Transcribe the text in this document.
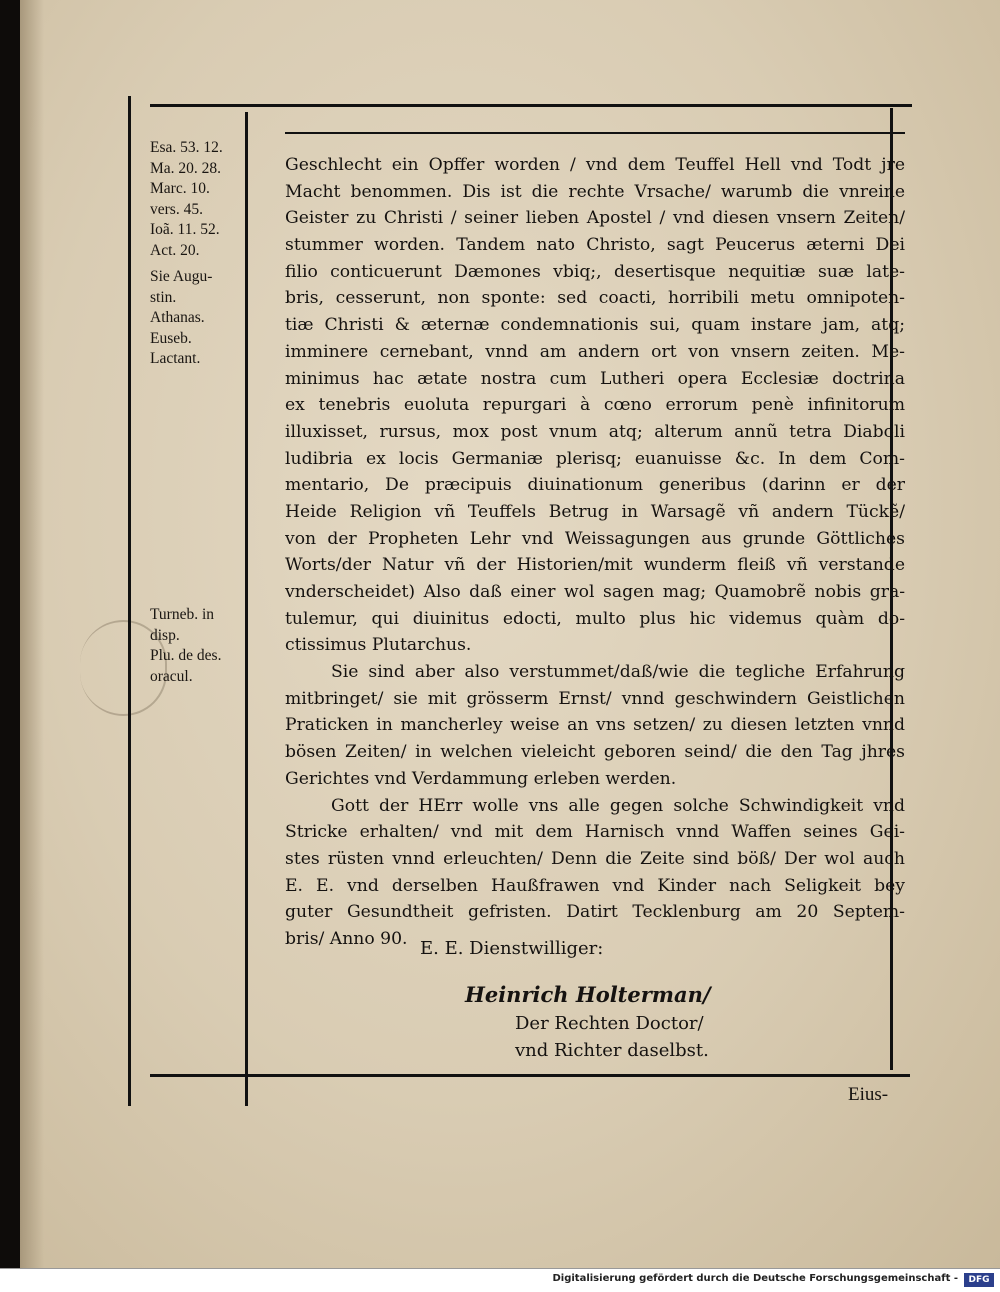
Esa. 53. 12.
Ma. 20. 28.
Marc. 10.
vers. 45.
Ioã. 11. 52.
Act. 20.
Sie Augu-
stin.
Athanas.
Euseb.
Lactant.
Turneb. in
disp.
Plu. de des.
oracul.
Geschlecht ein Opffer worden / vnd dem Teuffel Hell vnd Todt jre
Macht benommen. Dis ist die rechte Vrsache/ warumb die vnreine
Geister zu Christi / seiner lieben Apostel / vnd diesen vnsern Zeiten/
stummer worden. Tandem nato Christo, sagt Peucerus æterni Dei
filio conticuerunt Dæmones vbiq;, desertisque nequitiæ suæ late-
bris, cesserunt, non sponte: sed coacti, horribili metu omnipoten-
tiæ Christi & æternæ condemnationis sui, quam instare jam, atq;
imminere cernebant, vnnd am andern ort von vnsern zeiten. Me-
minimus hac ætate nostra cum Lutheri opera Ecclesiæ doctrina
ex tenebris euoluta repurgari à cœno errorum penè infinitorum
illuxisset, rursus, mox post vnum atq; alterum annũ tetra Diaboli
ludibria ex locis Germaniæ plerisq; euanuisse &c. In dem Com-
mentario, De præcipuis diuinationum generibus (darinn er der
Heide Religion vñ Teuffels Betrug in Warsagẽ vñ andern Tückẽ/
von der Propheten Lehr vnd Weissagungen aus grunde Göttliches
Worts/der Natur vñ der Historien/mit wunderm fleiß vñ verstande
vnderscheidet) Also daß einer wol sagen mag; Quamobrẽ nobis gra-
tulemur, qui diuinitus edocti, multo plus hic videmus quàm do-
ctissimus Plutarchus.
Sie sind aber also verstummet/daß/wie die tegliche Erfahrung
mitbringet/ sie mit grösserm Ernst/ vnnd geschwindern Geistlichen
Praticken in mancherley weise an vns setzen/ zu diesen letzten vnnd
bösen Zeiten/ in welchen vieleicht geboren seind/ die den Tag jhres
Gerichtes vnd Verdammung erleben werden.
Gott der HErr wolle vns alle gegen solche Schwindigkeit vnd
Stricke erhalten/ vnd mit dem Harnisch vnnd Waffen seines Gei-
stes rüsten vnnd erleuchten/ Denn die Zeite sind böß/ Der wol auch
E. E. vnd derselben Haußfrawen vnd Kinder nach Seligkeit bey
guter Gesundtheit gefristen. Datirt Tecklenburg am 20 Septem-
bris/ Anno 90. E. E. Dienstwilliger:
Heinrich Holterman/
Der Rechten Doctor/
vnd Richter daselbst.
Eius-
Digitalisierung gefördert durch die Deutsche Forschungsgemeinschaft -	DFG
